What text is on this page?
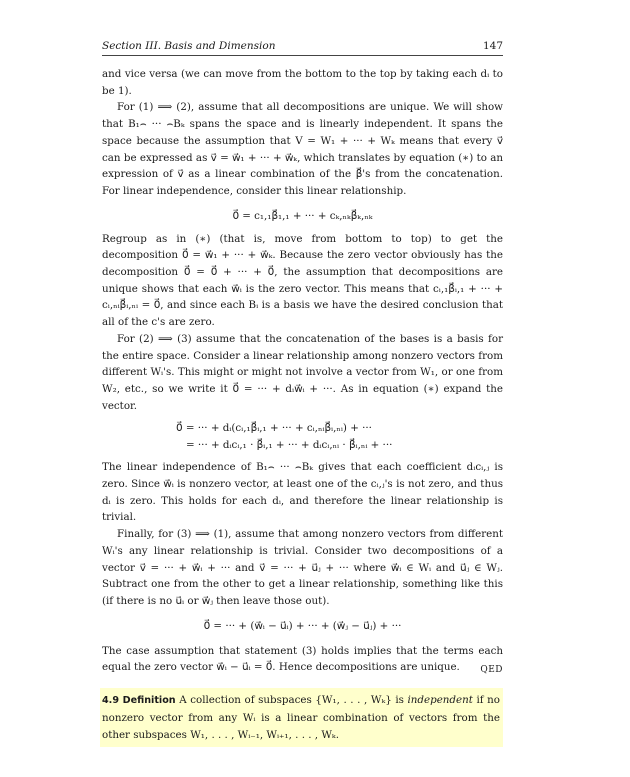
Section III. Basis and Dimension	147

and vice versa (we can move from the bottom to the top by taking each dᵢ to be 1).

For (1) ⟹ (2), assume that all decompositions are unique. We will show that B₁⌢ ··· ⌢Bₖ spans the space and is linearly independent. It spans the space because the assumption that V = W₁ + ··· + Wₖ means that every v⃗ can be expressed as v⃗ = w⃗₁ + ··· + w⃗ₖ, which translates by equation (∗) to an expression of v⃗ as a linear combination of the β⃗'s from the concatenation. For linear independence, consider this linear relationship.

0⃗ = c₁,₁β⃗₁,₁ + ··· + cₖ,ₙₖβ⃗ₖ,ₙₖ

Regroup as in (∗) (that is, move from bottom to top) to get the decomposition 0⃗ = w⃗₁ + ··· + w⃗ₖ. Because the zero vector obviously has the decomposition 0⃗ = 0⃗ + ··· + 0⃗, the assumption that decompositions are unique shows that each w⃗ᵢ is the zero vector. This means that cᵢ,₁β⃗ᵢ,₁ + ··· + cᵢ,ₙᵢβ⃗ᵢ,ₙᵢ = 0⃗, and since each Bᵢ is a basis we have the desired conclusion that all of the c's are zero.

For (2) ⟹ (3) assume that the concatenation of the bases is a basis for the entire space. Consider a linear relationship among nonzero vectors from different Wᵢ's. This might or might not involve a vector from W₁, or one from W₂, etc., so we write it 0⃗ = ··· + dᵢw⃗ᵢ + ···. As in equation (∗) expand the vector.

0⃗ = ··· + dᵢ(cᵢ,₁β⃗ᵢ,₁ + ··· + cᵢ,ₙᵢβ⃗ᵢ,ₙᵢ) + ···
= ··· + dᵢcᵢ,₁ · β⃗ᵢ,₁ + ··· + dᵢcᵢ,ₙᵢ · β⃗ᵢ,ₙᵢ + ···

The linear independence of B₁⌢ ··· ⌢Bₖ gives that each coefficient dᵢcᵢ,ⱼ is zero. Since w⃗ᵢ is nonzero vector, at least one of the cᵢ,ⱼ's is not zero, and thus dᵢ is zero. This holds for each dᵢ, and therefore the linear relationship is trivial.

Finally, for (3) ⟹ (1), assume that among nonzero vectors from different Wᵢ's any linear relationship is trivial. Consider two decompositions of a vector v⃗ = ··· + w⃗ᵢ + ··· and v⃗ = ··· + u⃗ⱼ + ··· where w⃗ᵢ ∈ Wᵢ and u⃗ⱼ ∈ Wⱼ. Subtract one from the other to get a linear relationship, something like this (if there is no u⃗ᵢ or w⃗ⱼ then leave those out).

0⃗ = ··· + (w⃗ᵢ − u⃗ᵢ) + ··· + (w⃗ⱼ − u⃗ⱼ) + ···

The case assumption that statement (3) holds implies that the terms each equal the zero vector w⃗ᵢ − u⃗ᵢ = 0⃗. Hence decompositions are unique. QED

4.9 Definition A collection of subspaces {W₁, . . . , Wₖ} is independent if no nonzero vector from any Wᵢ is a linear combination of vectors from the other subspaces W₁, . . . , Wᵢ₋₁, Wᵢ₊₁, . . . , Wₖ.
